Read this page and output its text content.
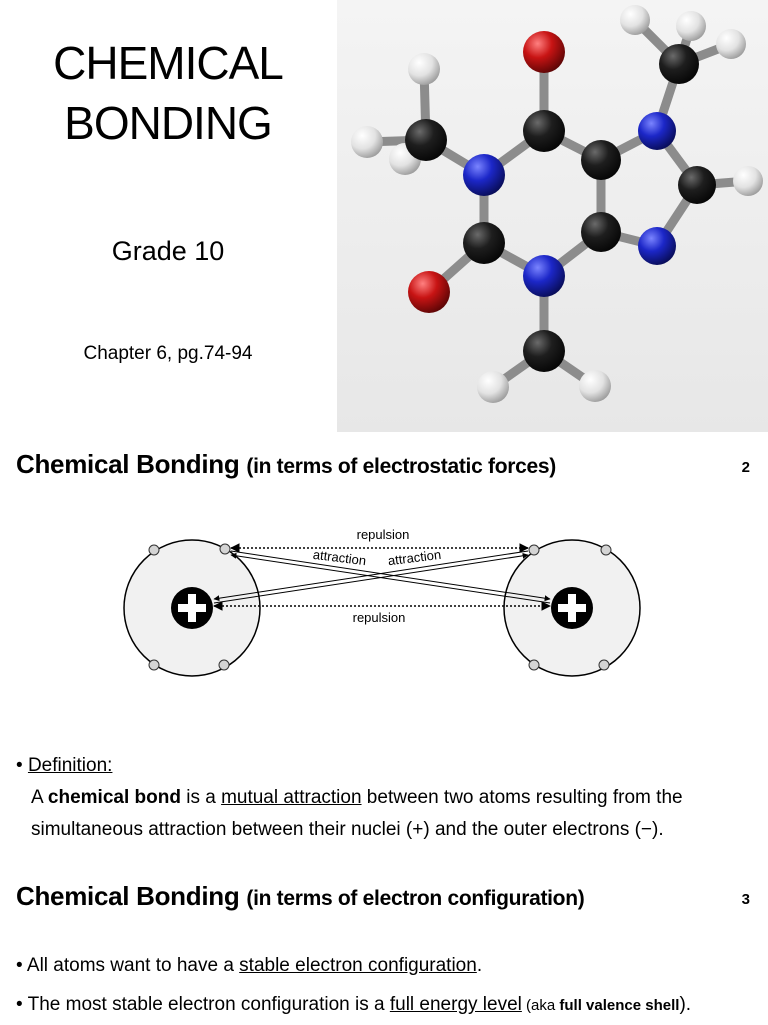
CHEMICAL
BONDING
Grade 10
Chapter 6, pg.74-94
Chemical Bonding (in terms of electrostatic forces)	2
repulsion
repulsion
attraction attraction
• Definition:
A chemical bond is a mutual attraction between two atoms resulting from the
simultaneous attraction between their nuclei (+) and the outer electrons (−).
Chemical Bonding (in terms of electron configuration)	3
• All atoms want to have a stable electron configuration.
• The most stable electron configuration is a full energy level (aka full valence shell).
